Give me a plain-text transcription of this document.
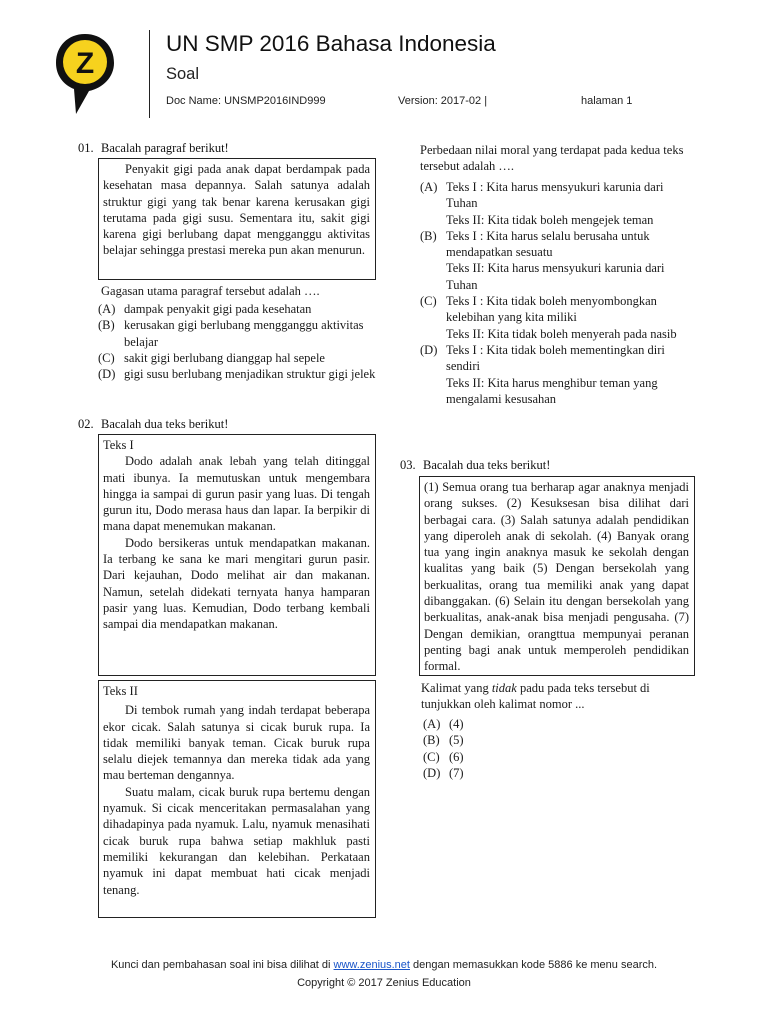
Z
UN SMP 2016 Bahasa Indonesia
Soal
Doc Name: UNSMP2016IND999	Version: 2017-02 |	halaman 1
01. Bacalah paragraf berikut!

Penyakit gigi pada anak dapat berdampak pada kesehatan masa depannya. Salah satunya adalah struktur gigi yang tak benar karena kerusakan gigi terutama pada gigi susu. Sementara itu, sakit gigi karena gigi berlubang dapat mengganggu aktivitas belajar sehingga prestasi mereka pun akan menurun.

Gagasan utama paragraf tersebut adalah ….
(A) dampak penyakit gigi pada kesehatan
(B) kerusakan gigi berlubang mengganggu aktivitas belajar
(C) sakit gigi berlubang dianggap hal sepele
(D) gigi susu berlubang menjadikan struktur gigi jelek
02. Bacalah dua teks berikut!

Teks I

Dodo adalah anak lebah yang telah ditinggal mati ibunya. Ia memutuskan untuk mengembara hingga ia sampai di gurun pasir yang luas. Di tengah gurun itu, Dodo merasa haus dan lapar. Ia berpikir di mana dapat menemukan makanan.

Dodo bersikeras untuk mendapatkan makanan. Ia terbang ke sana ke mari mengitari gurun pasir. Dari kejauhan, Dodo melihat air dan makanan. Namun, setelah didekati ternyata hanya hamparan pasir yang luas. Kemudian, Dodo terbang kembali sampai dia mendapatkan makanan.

Teks II

Di tembok rumah yang indah terdapat beberapa ekor cicak. Salah satunya si cicak buruk rupa. Ia tidak memiliki banyak teman. Cicak buruk rupa selalu diejek temannya dan mereka tidak ada yang mau berteman dengannya.

Suatu malam, cicak buruk rupa bertemu dengan nyamuk. Si cicak menceritakan permasalahan yang dihadapinya pada nyamuk. Lalu, nyamuk menasihati cicak buruk rupa bahwa setiap makhluk pasti memiliki kekurangan dan kelebihan. Perkataan nyamuk ini dapat membuat hati cicak menjadi tenang.

Perbedaan nilai moral yang terdapat pada kedua teks tersebut adalah ….
(A) Teks I : Kita harus mensyukuri karunia dari Tuhan
Teks II: Kita tidak boleh mengejek teman
(B) Teks I : Kita harus selalu berusaha untuk mendapatkan sesuatu
Teks II: Kita harus mensyukuri karunia dari Tuhan
(C) Teks I : Kita tidak boleh menyombongkan kelebihan yang kita miliki
Teks II: Kita tidak boleh menyerah pada nasib
(D) Teks I : Kita tidak boleh mementingkan diri sendiri
Teks II: Kita harus menghibur teman yang mengalami kesusahan
03. Bacalah dua teks berikut!

(1) Semua orang tua berharap agar anaknya menjadi orang sukses. (2) Kesuksesan bisa dilihat dari berbagai cara. (3) Salah satunya adalah pendidikan yang diperoleh anak di sekolah. (4) Banyak orang tua yang ingin anaknya masuk ke sekolah dengan kualitas yang baik (5) Dengan bersekolah yang berkualitas, orang tua memiliki anak yang dapat dibanggakan. (6) Selain itu dengan bersekolah yang berkualitas, anak-anak bisa menjadi pengusaha. (7) Dengan demikian, orangttua mempunyai peranan penting bagi anak untuk memperoleh pendidikan formal.

Kalimat yang tidak padu pada teks tersebut di tunjukkan oleh kalimat nomor ...
(A) (4)
(B) (5)
(C) (6)
(D) (7)
Kunci dan pembahasan soal ini bisa dilihat di www.zenius.net dengan memasukkan kode 5886 ke menu search.
Copyright © 2017 Zenius Education
